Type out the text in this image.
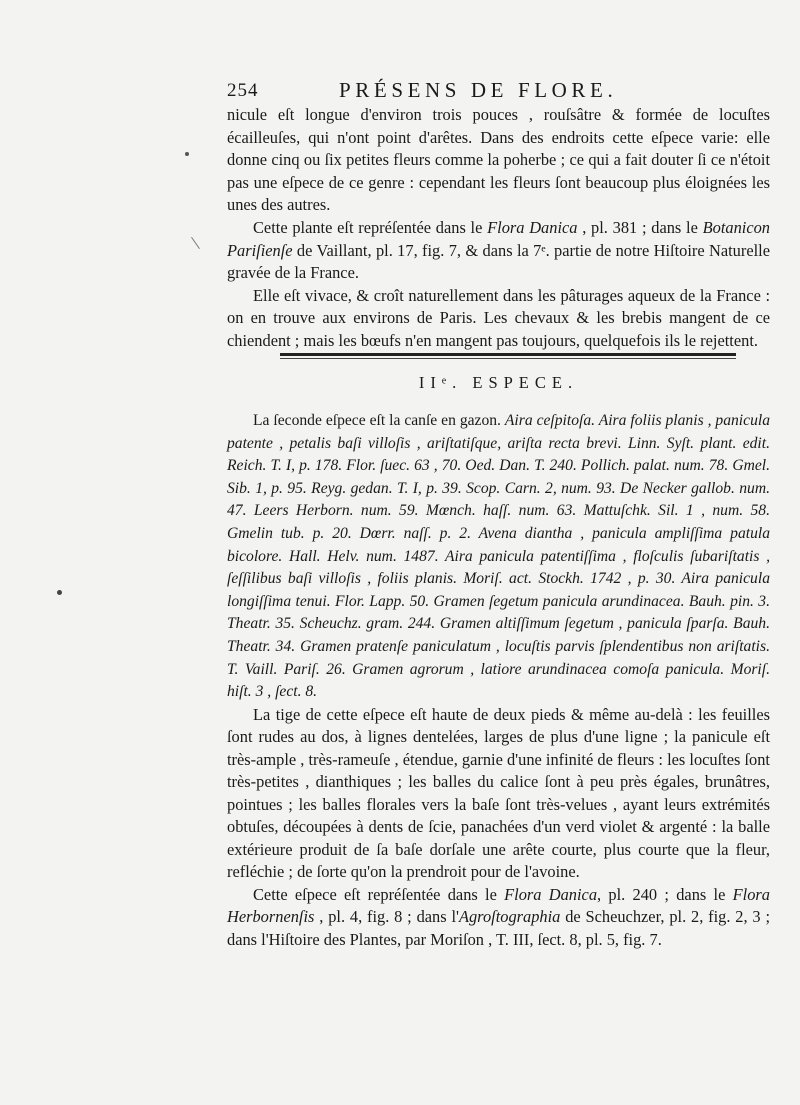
254	PRÉSENS DE FLORE.

nicule eſt longue d'environ trois pouces , rouſsâtre & formée de locuſtes écailleuſes, qui n'ont point d'arêtes. Dans des endroits cette eſpece varie: elle donne cinq ou ſix petites fleurs comme la poherbe ; ce qui a fait douter ſi ce n'étoit pas une eſpece de ce genre : cependant les fleurs ſont beaucoup plus éloignées les unes des autres.

Cette plante eſt repréſentée dans le Flora Danica , pl. 381 ; dans le Botanicon Pariſienſe de Vaillant, pl. 17, fig. 7, & dans la 7ᵉ. partie de notre Hiſtoire Naturelle gravée de la France.

Elle eſt vivace, & croît naturellement dans les pâturages aqueux de la France : on en trouve aux environs de Paris. Les chevaux & les brebis mangent de ce chiendent ; mais les bœufs n'en mangent pas toujours, quelquefois ils le rejettent.

IIᵉ. ESPECE.

La ſeconde eſpece eſt la canſe en gazon. Aira ceſpitoſa. Aira foliis planis , panicula patente , petalis baſi villoſis , ariſtatiſque, ariſta recta brevi. Linn. Syſt. plant. edit. Reich. T. I, p. 178. Flor. ſuec. 63 , 70. Oed. Dan. T. 240. Pollich. palat. num. 78. Gmel. Sib. 1, p. 95. Reyg. gedan. T. I, p. 39. Scop. Carn. 2, num. 93. De Necker gallob. num. 47. Leers Herborn. num. 59. Mœnch. haſſ. num. 63. Mattuſchk. Sil. 1 , num. 58. Gmelin tub. p. 20. Dœrr. naſſ. p. 2. Avena diantha , panicula ampliſſima patula bicolore. Hall. Helv. num. 1487. Aira panicula patentiſſima , floſculis ſubariſtatis , ſeſſilibus baſi villoſis , foliis planis. Moriſ. act. Stockh. 1742 , p. 30. Aira panicula longiſſima tenui. Flor. Lapp. 50. Gramen ſegetum panicula arundinacea. Bauh. pin. 3. Theatr. 35. Scheuchz. gram. 244. Gramen altiſſimum ſegetum , panicula ſparſa. Bauh. Theatr. 34. Gramen pratenſe paniculatum , locuſtis parvis ſplendentibus non ariſtatis. T. Vaill. Pariſ. 26. Gramen agrorum , latiore arundinacea comoſa panicula. Moriſ. hiſt. 3 , ſect. 8.

La tige de cette eſpece eſt haute de deux pieds & même au-delà : les feuilles ſont rudes au dos, à lignes dentelées, larges de plus d'une ligne ; la panicule eſt très-ample , très-rameuſe , étendue, garnie d'une infinité de fleurs : les locuſtes ſont très-petites , dianthiques ; les balles du calice ſont à peu près égales, brunâtres, pointues ; les balles florales vers la baſe ſont très-velues , ayant leurs extrémités obtuſes, découpées à dents de ſcie, panachées d'un verd violet & argenté : la balle extérieure produit de ſa baſe dorſale une arête courte, plus courte que la fleur, refléchie ; de ſorte qu'on la prendroit pour de l'avoine.

Cette eſpece eſt repréſentée dans le Flora Danica, pl. 240 ; dans le Flora Herbornenſis , pl. 4, fig. 8 ; dans l'Agroſtographia de Scheuchzer, pl. 2, fig. 2, 3 ; dans l'Hiſtoire des Plantes, par Moriſon , T. III, ſect. 8, pl. 5, fig. 7.
